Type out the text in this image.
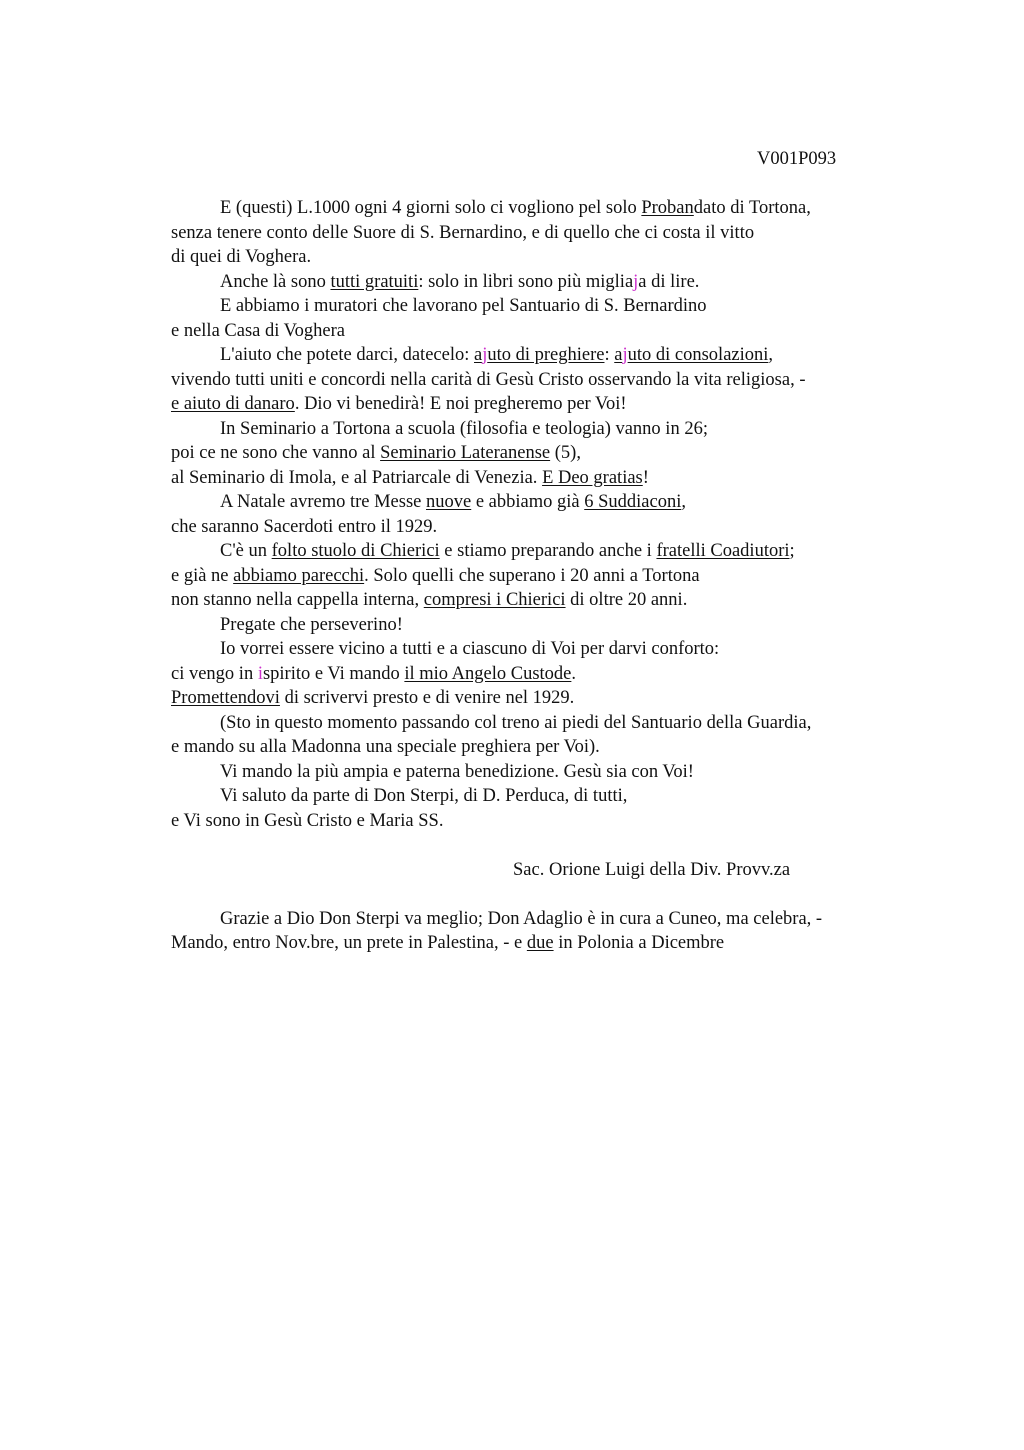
V001P093
E (questi) L.1000 ogni 4 giorni solo ci vogliono pel solo Probandato di Tortona,
senza tenere conto delle Suore di S. Bernardino, e di quello che ci costa il vitto
di quei di Voghera.
Anche là sono tutti gratuiti: solo in libri sono più migliaja di lire.
E abbiamo i muratori che lavorano pel Santuario di S. Bernardino
e nella Casa di Voghera
L'aiuto che potete darci, datecelo: ajuto di preghiere: ajuto di consolazioni,
vivendo tutti uniti e concordi nella carità di Gesù Cristo osservando la vita religiosa, -
e aiuto di danaro. Dio vi benedirà! E noi pregheremo per Voi!
In Seminario a Tortona a scuola (filosofia e teologia) vanno in 26;
poi ce ne sono che vanno al Seminario Lateranense (5),
al Seminario di Imola, e al Patriarcale di Venezia. E Deo gratias!
A Natale avremo tre Messe nuove e abbiamo già 6 Suddiaconi,
che saranno Sacerdoti entro il 1929.
C'è un folto stuolo di Chierici e stiamo preparando anche i fratelli Coadiutori;
e già ne abbiamo parecchi. Solo quelli che superano i 20 anni a Tortona
non stanno nella cappella interna, compresi i Chierici di oltre 20 anni.
Pregate che perseverino!
Io vorrei essere vicino a tutti e a ciascuno di Voi per darvi conforto:
ci vengo in ispirito e Vi mando il mio Angelo Custode.
Promettendovi di scrivervi presto e di venire nel 1929.
(Sto in questo momento passando col treno ai piedi del Santuario della Guardia,
e mando su alla Madonna una speciale preghiera per Voi).
Vi mando la più ampia e paterna benedizione. Gesù sia con Voi!
Vi saluto da parte di Don Sterpi, di D. Perduca, di tutti,
e Vi sono in Gesù Cristo e Maria SS.
Sac. Orione Luigi della Div. Provv.za
Grazie a Dio Don Sterpi va meglio; Don Adaglio è in cura a Cuneo, ma celebra, -
Mando, entro Nov.bre, un prete in Palestina, - e due in Polonia a Dicembre
